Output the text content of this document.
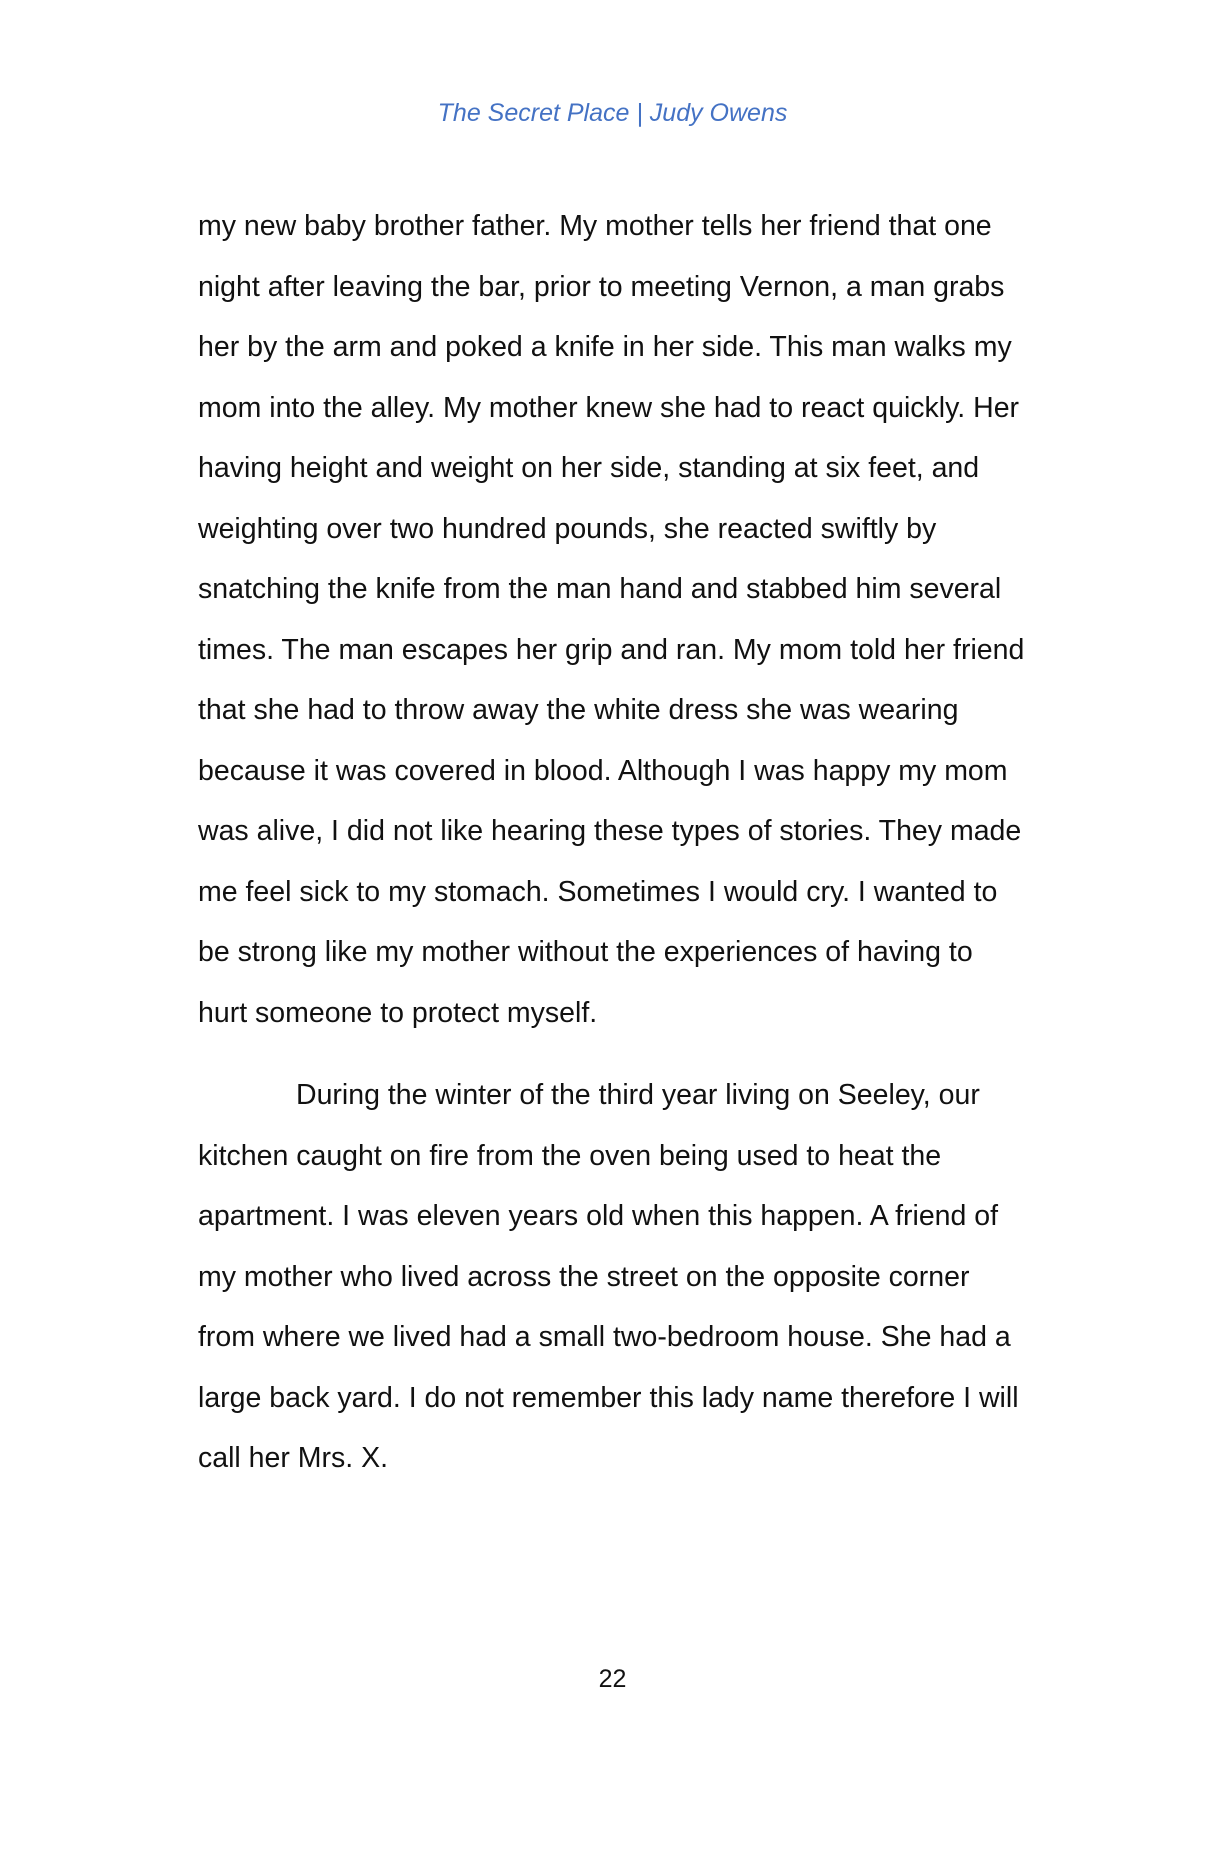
The Secret Place | Judy Owens

my new baby brother father. My mother tells her friend that one night after leaving the bar, prior to meeting Vernon, a man grabs her by the arm and poked a knife in her side. This man walks my mom into the alley. My mother knew she had to react quickly. Her having height and weight on her side, standing at six feet, and weighting over two hundred pounds, she reacted swiftly by snatching the knife from the man hand and stabbed him several times. The man escapes her grip and ran. My mom told her friend that she had to throw away the white dress she was wearing because it was covered in blood. Although I was happy my mom was alive, I did not like hearing these types of stories. They made me feel sick to my stomach. Sometimes I would cry. I wanted to be strong like my mother without the experiences of having to hurt someone to protect myself.

During the winter of the third year living on Seeley, our kitchen caught on fire from the oven being used to heat the apartment. I was eleven years old when this happen. A friend of my mother who lived across the street on the opposite corner from where we lived had a small two-bedroom house. She had a large back yard. I do not remember this lady name therefore I will call her Mrs. X.

22
